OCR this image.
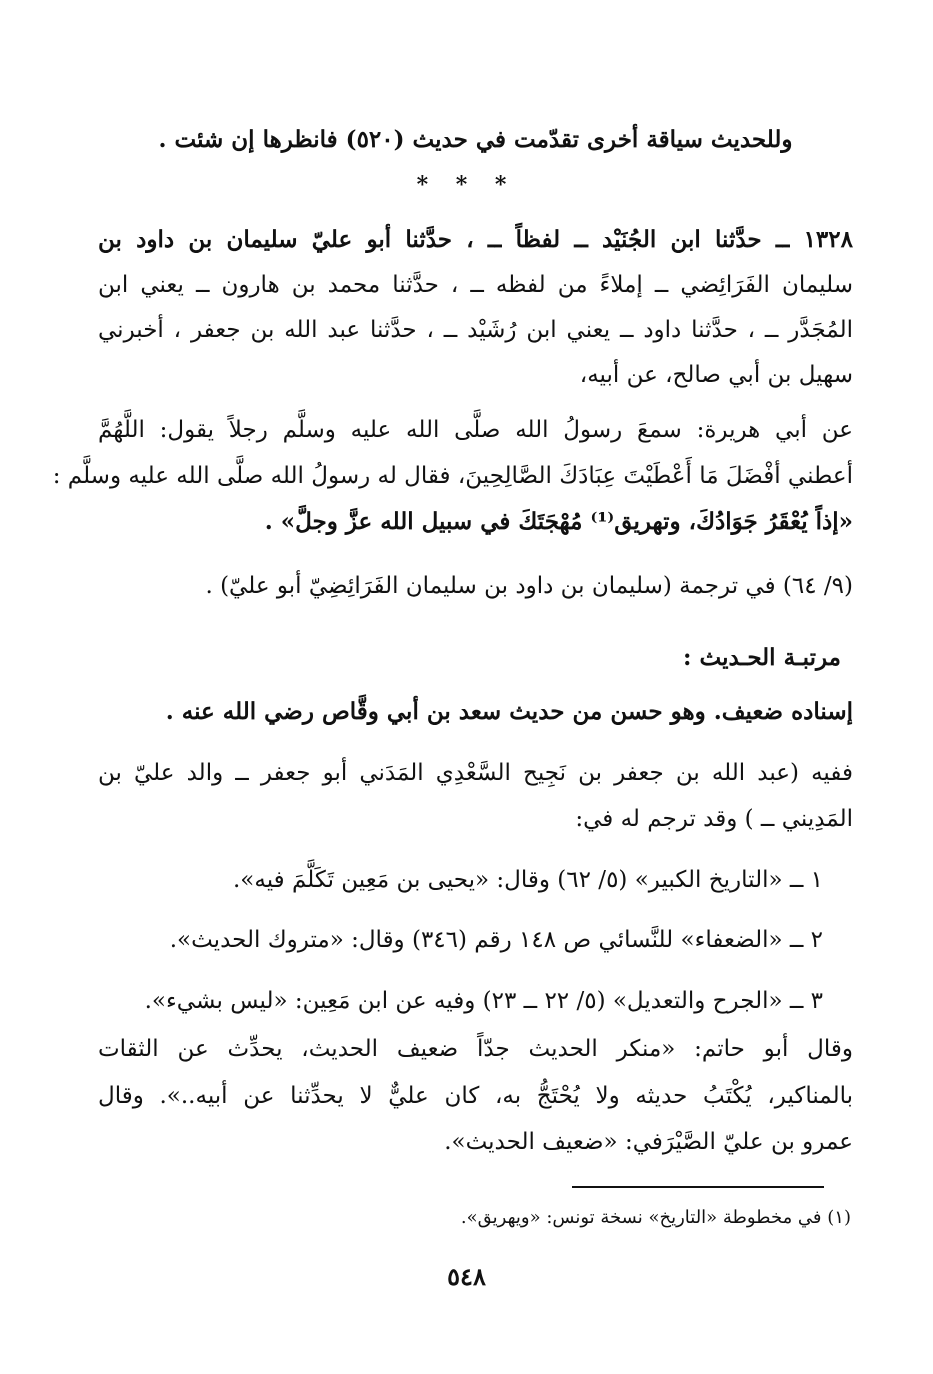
وللحديث سياقة أخرى تقدّمت في حديث (٥٢٠) فانظرها إن شئت .
* * *
١٣٢٨ ــ حدَّثنا ابن الجُنَيْد ــ لفظاً ــ ، حدَّثنا أبو عليّ سليمان بن داود بن
سليمان الفَرَائِضي ــ إملاءً من لفظه ــ ، حدَّثنا محمد بن هارون ــ يعني ابن
المُجَدَّر ــ ، حدَّثنا داود ــ يعني ابن رُشَيْد ــ ، حدَّثنا عبد الله بن جعفر ، أخبرني
سهيل بن أبي صالح، عن أبيه،
عن أبي هريرة: سمعَ رسولُ الله صلَّى الله عليه وسلَّم رجلاً يقول: اللَّهُمَّ
أعطني أفْضَلَ مَا أَعْطَيْتَ عِبَادَكَ الصَّالِحِينَ، فقال له رسولُ الله صلَّى الله عليه وسلَّم :
«إذاً يُعْقَرُ جَوَادُكَ، وتهريق⁽¹⁾ مُهْجَتَكَ في سبيل الله عزَّ وجلَّ» .
(٩/ ٦٤) في ترجمة (سليمان بن داود بن سليمان الفَرَائِضِيّ أبو عليّ) .
مرتبـة الحـديث :
إسناده ضعيف. وهو حسن من حديث سعد بن أبي وقَّاص رضي الله عنه .
ففيه (عبد الله بن جعفر بن نَجِيح السَّعْدِي المَدَني أبو جعفر ــ والد عليّ بن
المَدِيني ــ ) وقد ترجم له في:
١ ــ «التاريخ الكبير» (٥/ ٦٢) وقال: «يحيى بن مَعِين تَكَلَّمَ فيه».
٢ ــ «الضعفاء» للنَّسائي ص ١٤٨ رقم (٣٤٦) وقال: «متروك الحديث».
٣ ــ «الجرح والتعديل» (٥/ ٢٢ ــ ٢٣) وفيه عن ابن مَعِين: «ليس بشيء».
وقال أبو حاتم: «منكر الحديث جدّاً ضعيف الحديث، يحدِّث عن الثقات
بالمناكير، يُكْتَبُ حديثه ولا يُحْتَجُّ به، كان عليٌّ لا يحدِّثنا عن أبيه..». وقال
عمرو بن عليّ الصَّيْرَفي: «ضعيف الحديث».
(١) في مخطوطة «التاريخ» نسخة تونس: «ويهريق».
٥٤٨
